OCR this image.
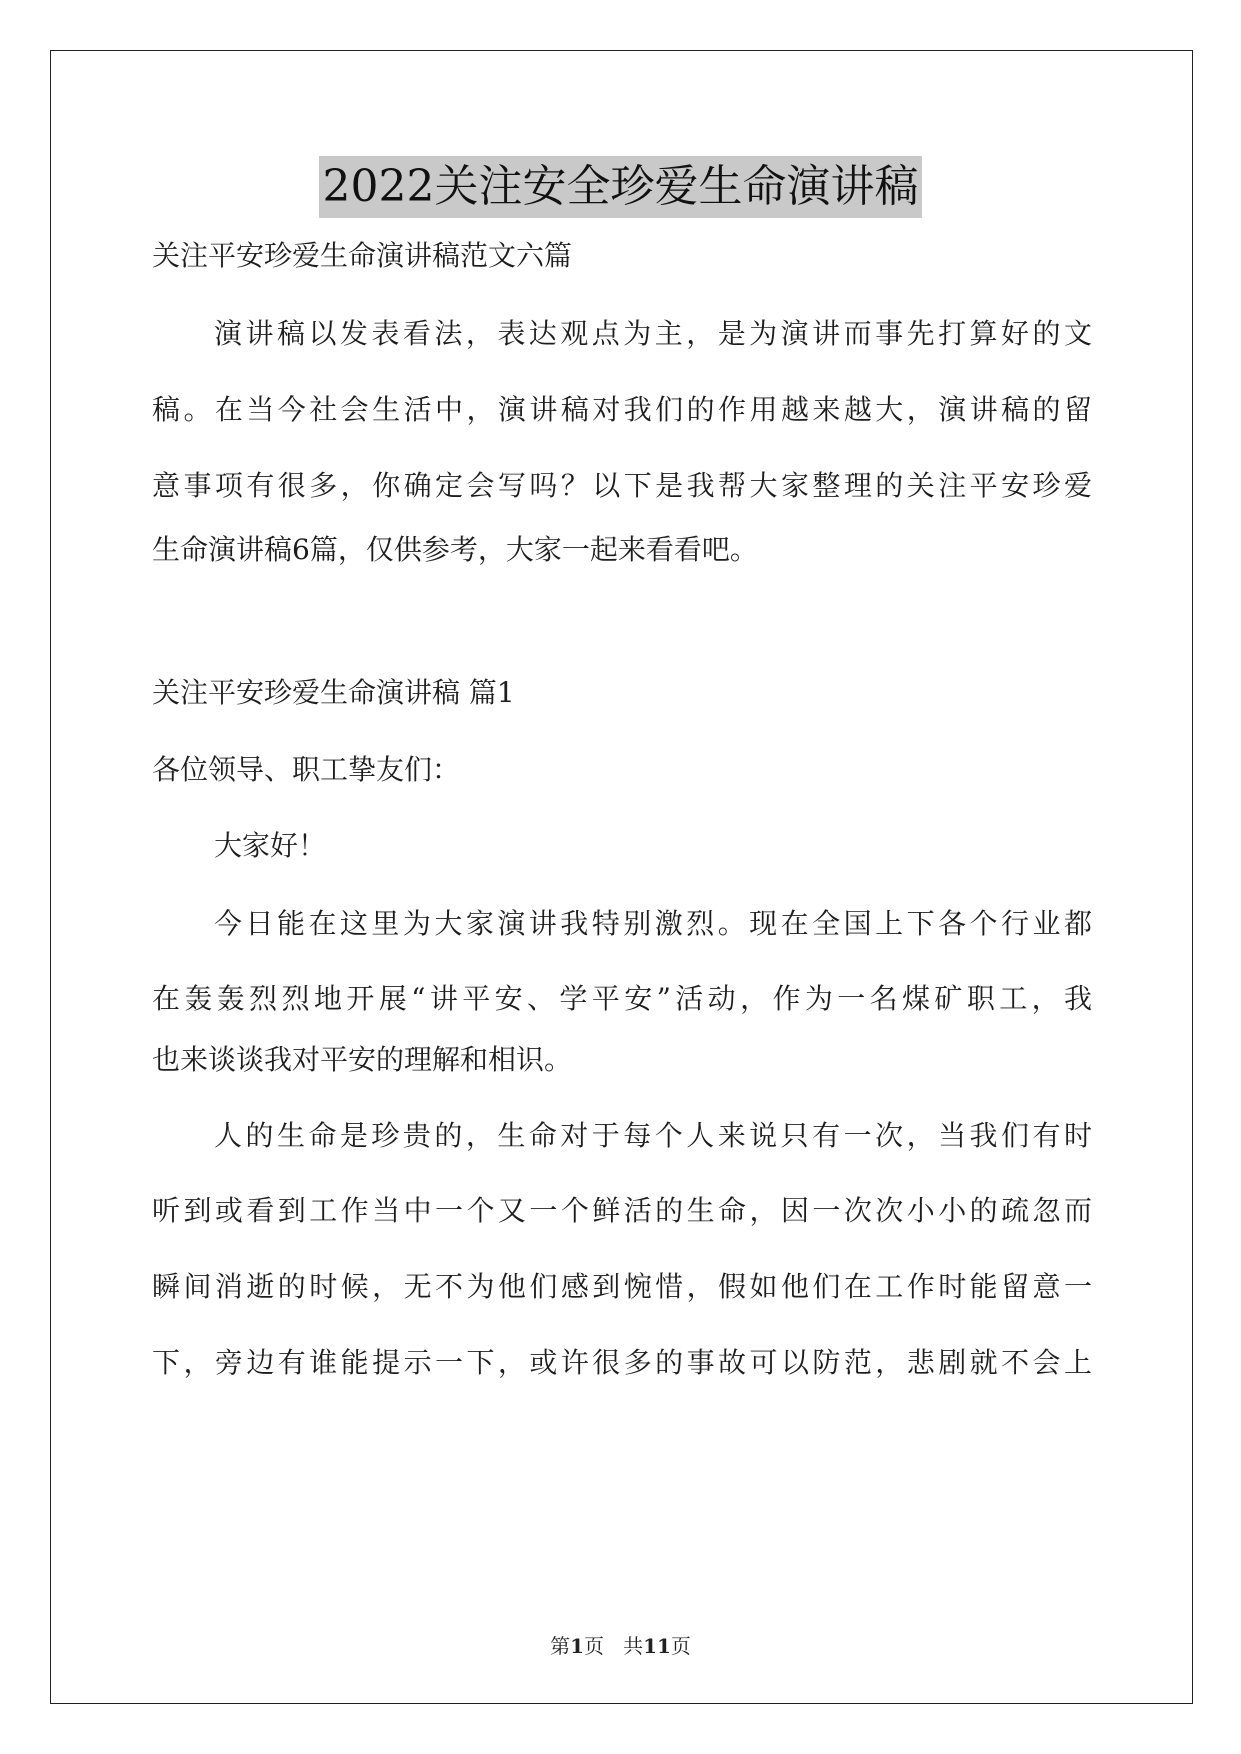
2022关注安全珍爱生命演讲稿
关注平安珍爱生命演讲稿范文六篇
演讲稿以发表看法，表达观点为主，是为演讲而事先打算好的文
稿。在当今社会生活中，演讲稿对我们的作用越来越大，演讲稿的留
意事项有很多，你确定会写吗？以下是我帮大家整理的关注平安珍爱
生命演讲稿6篇，仅供参考，大家一起来看看吧。
关注平安珍爱生命演讲稿 篇1
各位领导、职工挚友们：
大家好！
今日能在这里为大家演讲我特别激烈。现在全国上下各个行业都
在轰轰烈烈地开展“讲平安、学平安”活动，作为一名煤矿职工，我
也来谈谈我对平安的理解和相识。
人的生命是珍贵的，生命对于每个人来说只有一次，当我们有时
听到或看到工作当中一个又一个鲜活的生命，因一次次小小的疏忽而
瞬间消逝的时候，无不为他们感到惋惜，假如他们在工作时能留意一
下，旁边有谁能提示一下，或许很多的事故可以防范，悲剧就不会上
第1页 共11页
